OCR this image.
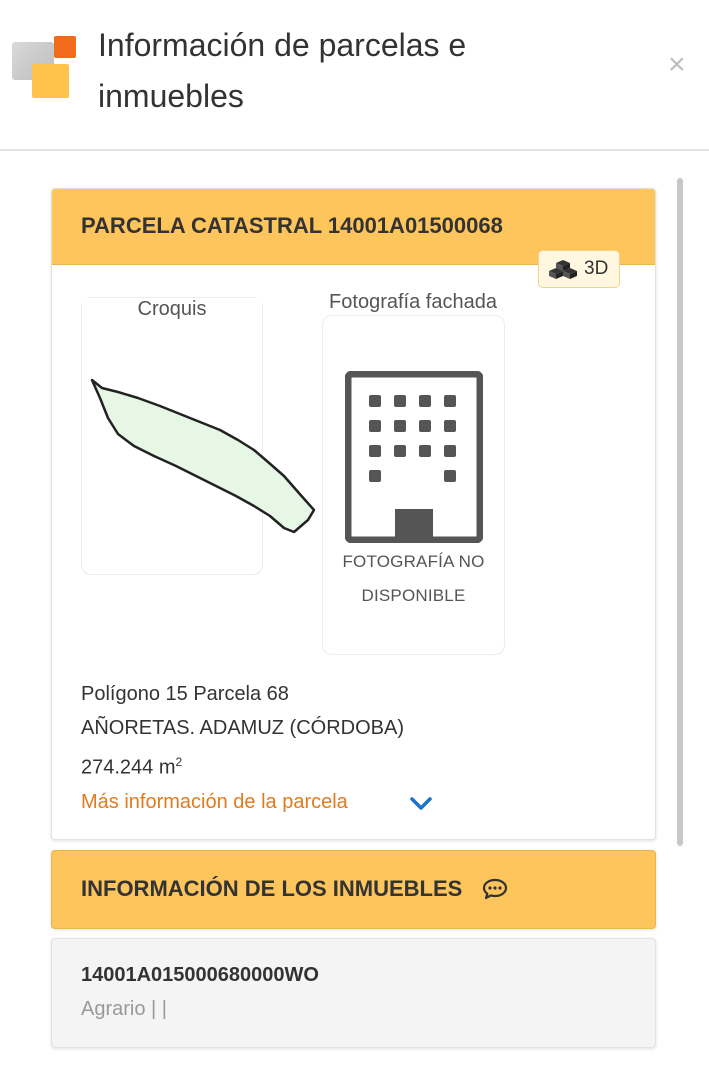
Información de parcelas e inmuebles
×
PARCELA CATASTRAL 14001A01500068
3D
Croquis	Fotografía fachada
FOTOGRAFÍA NO DISPONIBLE
Polígono 15 Parcela 68
AÑORETAS. ADAMUZ (CÓRDOBA)
274.244 $m^2$
Más información de la parcela
INFORMACIÓN DE LOS INMUEBLES
14001A015000680000WO
Agrario | |
